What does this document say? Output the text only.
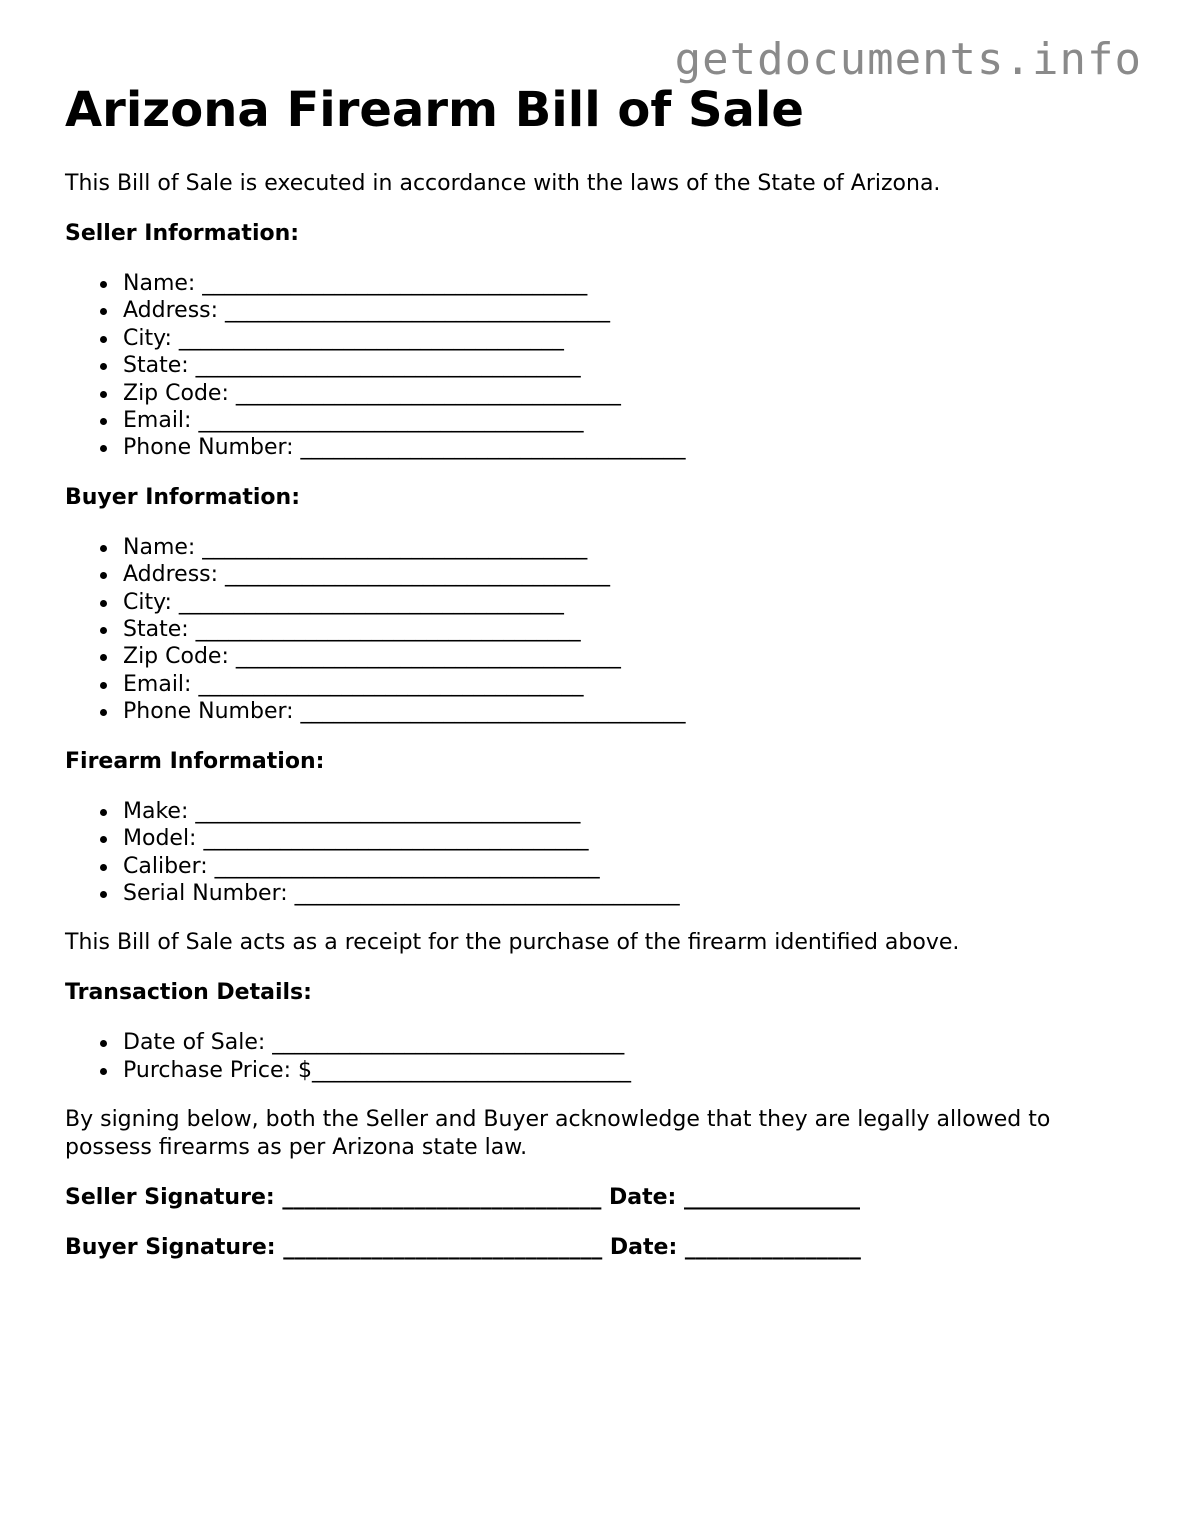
getdocuments.info
Arizona Firearm Bill of Sale

This Bill of Sale is executed in accordance with the laws of the State of Arizona.

Seller Information:
Name: ___________________________________
Address: ___________________________________
City: ___________________________________
State: ___________________________________
Zip Code: ___________________________________
Email: ___________________________________
Phone Number: ___________________________________
Buyer Information:
Name: ___________________________________
Address: ___________________________________
City: ___________________________________
State: ___________________________________
Zip Code: ___________________________________
Email: ___________________________________
Phone Number: ___________________________________
Firearm Information:
Make: ___________________________________
Model: ___________________________________
Caliber: ___________________________________
Serial Number: ___________________________________

This Bill of Sale acts as a receipt for the purchase of the firearm identified above.

Transaction Details:
Date of Sale: ________________________________
Purchase Price: $_____________________________

By signing below, both the Seller and Buyer acknowledge that they are legally allowed to possess firearms as per Arizona state law.

Seller Signature: _____________________________ Date: ________________
Buyer Signature: _____________________________ Date: ________________
